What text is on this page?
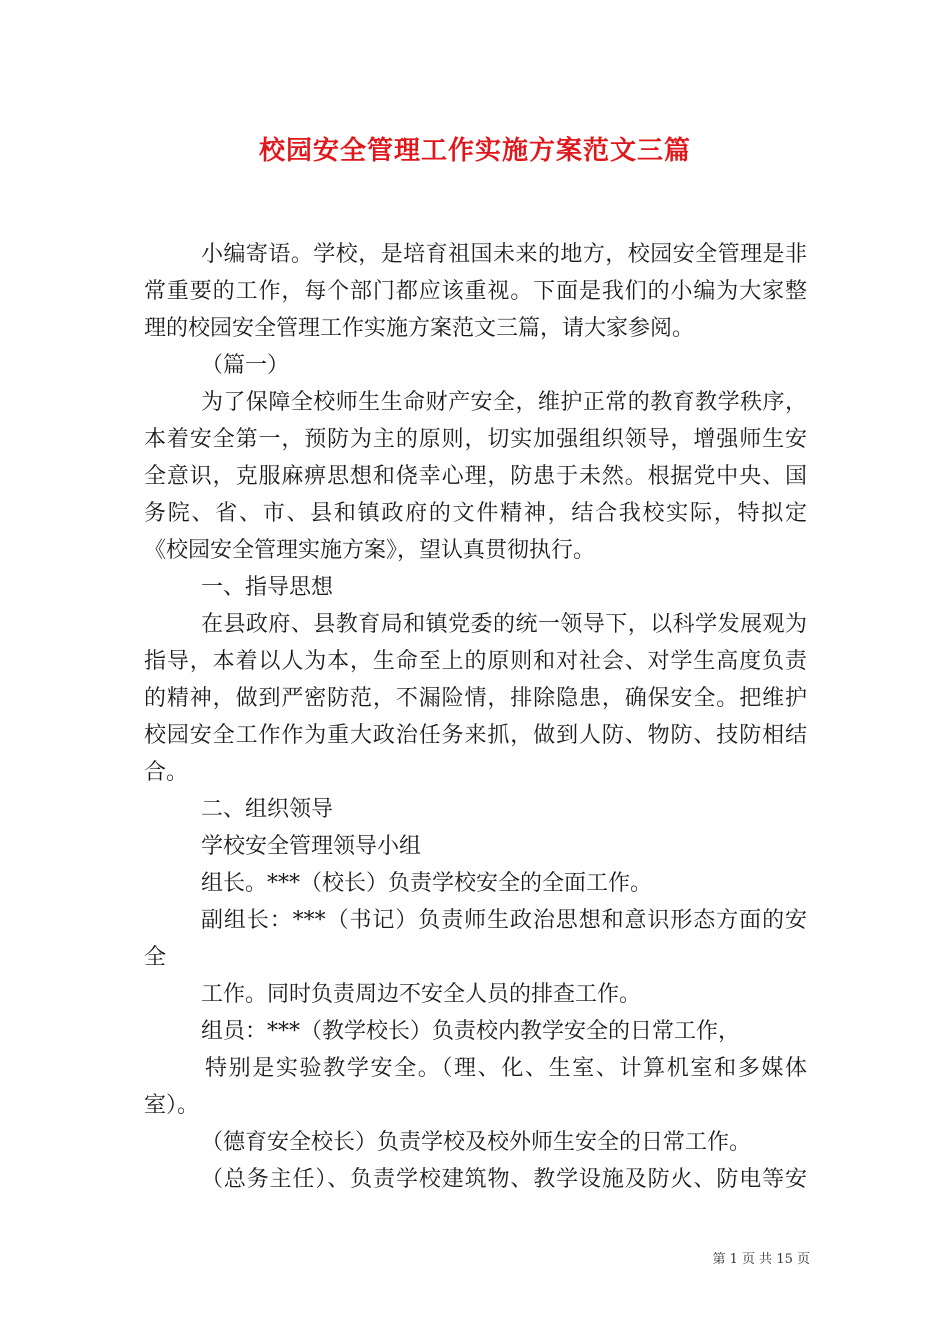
校园安全管理工作实施方案范文三篇
小编寄语。学校，是培育祖国未来的地方，校园安全管理是非
常重要的工作，每个部门都应该重视。下面是我们的小编为大家整
理的校园安全管理工作实施方案范文三篇，请大家参阅。
（篇一）
为了保障全校师生生命财产安全，维护正常的教育教学秩序，
本着安全第一，预防为主的原则，切实加强组织领导，增强师生安
全意识，克服麻痹思想和侥幸心理，防患于未然。根据党中央、国
务院、省、市、县和镇政府的文件精神，结合我校实际，特拟定
《校园安全管理实施方案》，望认真贯彻执行。
一、指导思想
在县政府、县教育局和镇党委的统一领导下，以科学发展观为
指导，本着以人为本，生命至上的原则和对社会、对学生高度负责
的精神，做到严密防范，不漏险情，排除隐患，确保安全。把维护
校园安全工作作为重大政治任务来抓，做到人防、物防、技防相结
合。
二、组织领导
学校安全管理领导小组
组长。***（校长）负责学校安全的全面工作。
副组长：***（书记）负责师生政治思想和意识形态方面的安
全
工作。同时负责周边不安全人员的排查工作。
组员：***（教学校长）负责校内教学安全的日常工作，
特别是实验教学安全。（理、化、生室、计算机室和多媒体
室）。
（德育安全校长）负责学校及校外师生安全的日常工作。
（总务主任）、负责学校建筑物、教学设施及防火、防电等安
第 1 页 共 15 页
